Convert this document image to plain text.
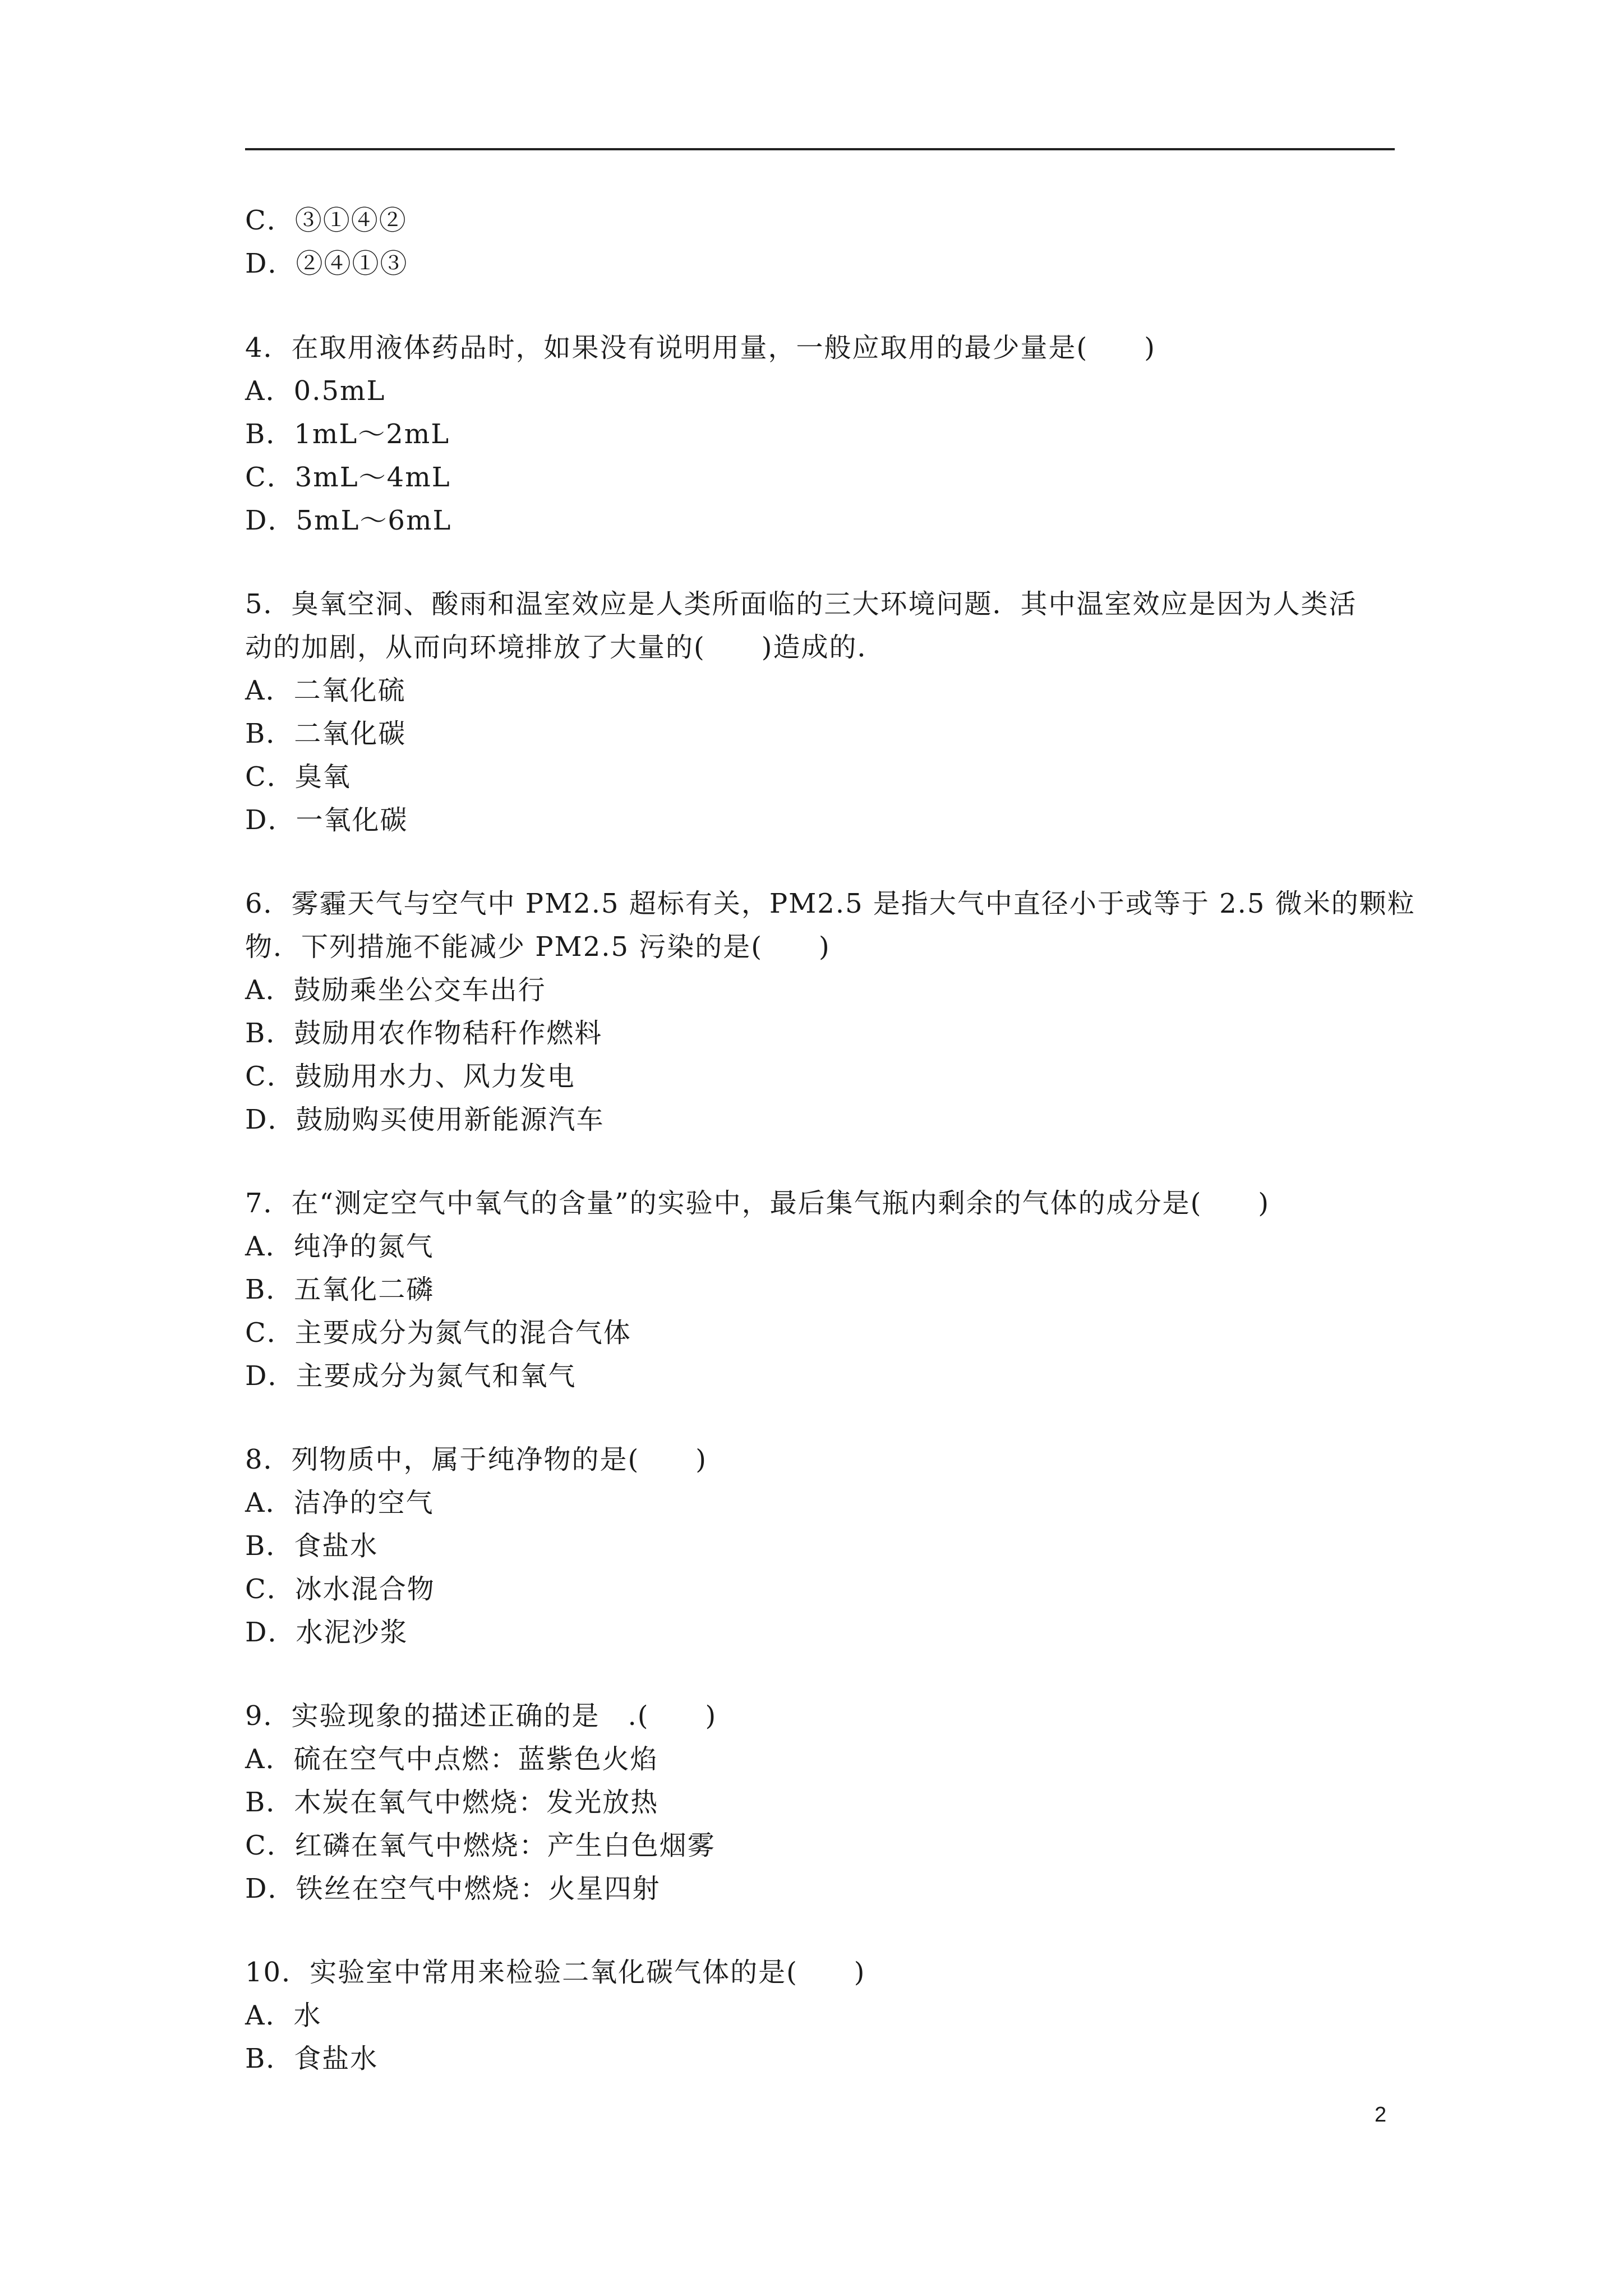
C．③①④②
D．②④①③
4．在取用液体药品时，如果没有说明用量，一般应取用的最少量是(　　)
A．0.5mL
B．1mL～2mL
C．3mL～4mL
D．5mL～6mL
5．臭氧空洞、酸雨和温室效应是人类所面临的三大环境问题．其中温室效应是因为人类活
动的加剧，从而向环境排放了大量的(　　)造成的．
A．二氧化硫
B．二氧化碳
C．臭氧
D．一氧化碳
6．雾霾天气与空气中 PM2.5 超标有关，PM2.5 是指大气中直径小于或等于 2.5 微米的颗粒
物．下列措施不能减少 PM2.5 污染的是(　　)
A．鼓励乘坐公交车出行
B．鼓励用农作物秸秆作燃料
C．鼓励用水力、风力发电
D．鼓励购买使用新能源汽车
7．在“测定空气中氧气的含量”的实验中，最后集气瓶内剩余的气体的成分是(　　)
A．纯净的氮气
B．五氧化二磷
C．主要成分为氮气的混合气体
D．主要成分为氮气和氧气
8．列物质中，属于纯净物的是(　　)
A．洁净的空气
B．食盐水
C．冰水混合物
D．水泥沙浆
9．实验现象的描述正确的是　.(　　)
A．硫在空气中点燃：蓝紫色火焰
B．木炭在氧气中燃烧：发光放热
C．红磷在氧气中燃烧：产生白色烟雾
D．铁丝在空气中燃烧：火星四射
10．实验室中常用来检验二氧化碳气体的是(　　)
A．水
B．食盐水
2
